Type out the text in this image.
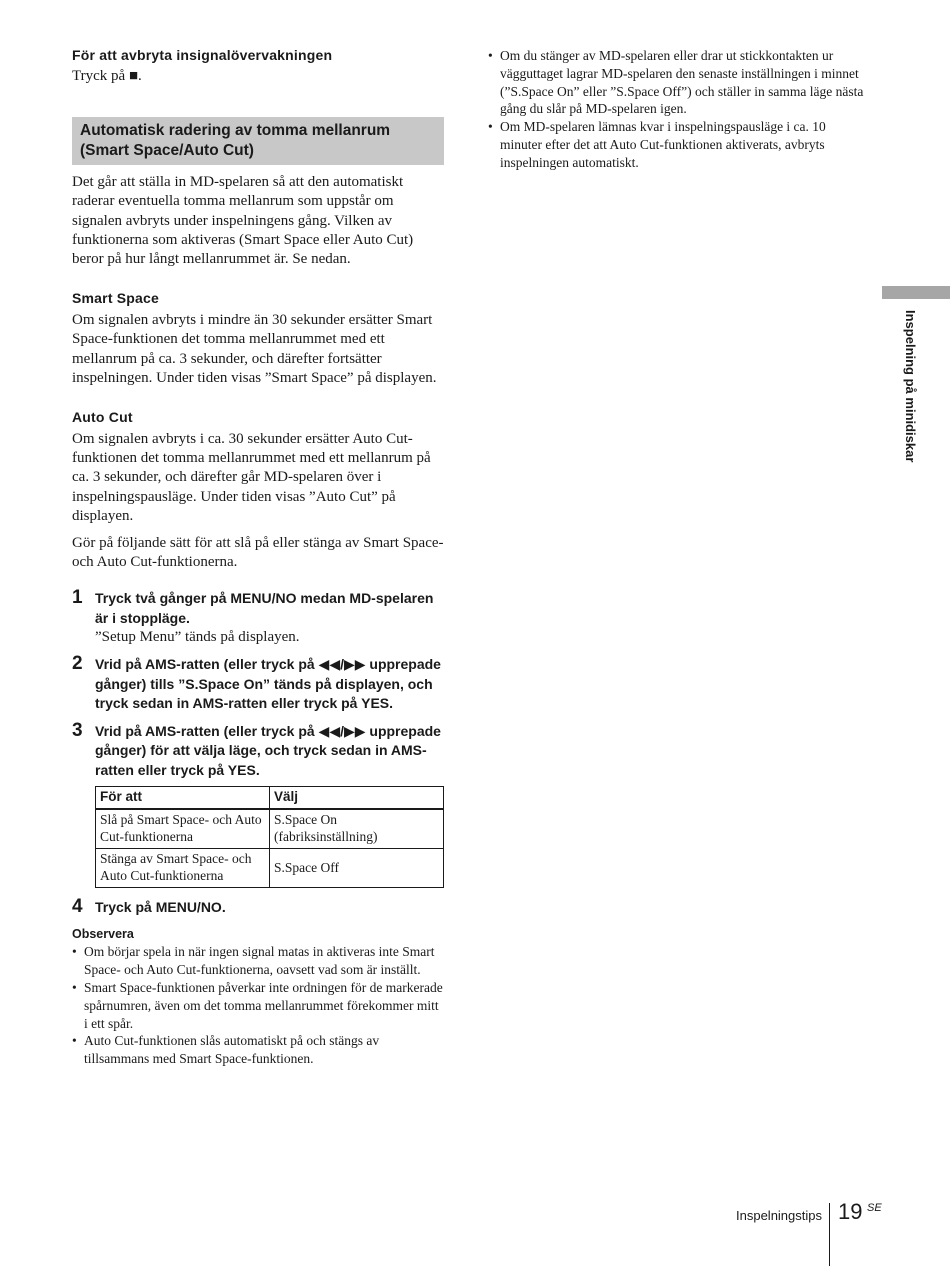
För att avbryta insignalövervakningen

Tryck på ■.

Automatisk radering av tomma mellanrum (Smart Space/Auto Cut)

Det går att ställa in MD-spelaren så att den automatiskt raderar eventuella tomma mellanrum som uppstår om signalen avbryts under inspelningens gång. Vilken av funktionerna som aktiveras (Smart Space eller Auto Cut) beror på hur långt mellanrummet är. Se nedan.

Smart Space

Om signalen avbryts i mindre än 30 sekunder ersätter Smart Space-funktionen det tomma mellanrummet med ett mellanrum på ca. 3 sekunder, och därefter fortsätter inspelningen. Under tiden visas ”Smart Space” på displayen.

Auto Cut

Om signalen avbryts i ca. 30 sekunder ersätter Auto Cut-funktionen det tomma mellanrummet med ett mellanrum på ca. 3 sekunder, och därefter går MD-spelaren över i inspelningspausläge. Under tiden visas ”Auto Cut” på displayen.

Gör på följande sätt för att slå på eller stänga av Smart Space- och Auto Cut-funktionerna.

1 Tryck två gånger på MENU/NO medan MD-spelaren är i stoppläge.
”Setup Menu” tänds på displayen.
2 Vrid på AMS-ratten (eller tryck på ◀◀/▶▶ upprepade gånger) tills ”S.Space On” tänds på displayen, och tryck sedan in AMS-ratten eller tryck på YES.
3 Vrid på AMS-ratten (eller tryck på ◀◀/▶▶ upprepade gånger) för att välja läge, och tryck sedan in AMS-ratten eller tryck på YES.
För att	Välj
Slå på Smart Space- och Auto Cut-funktionerna	S.Space On (fabriksinställning)
Stänga av Smart Space- och Auto Cut-funktionerna	S.Space Off
4 Tryck på MENU/NO.

Observera

• Om börjar spela in när ingen signal matas in aktiveras inte Smart Space- och Auto Cut-funktionerna, oavsett vad som är inställt.
• Smart Space-funktionen påverkar inte ordningen för de markerade spårnumren, även om det tomma mellanrummet förekommer mitt i ett spår.
• Auto Cut-funktionen slås automatiskt på och stängs av tillsammans med Smart Space-funktionen.
• Om du stänger av MD-spelaren eller drar ut stickkontakten ur vägguttaget lagrar MD-spelaren den senaste inställningen i minnet (”S.Space On” eller ”S.Space Off”) och ställer in samma läge nästa gång du slår på MD-spelaren igen.
• Om MD-spelaren lämnas kvar i inspelningspausläge i ca. 10 minuter efter det att Auto Cut-funktionen aktiverats, avbryts inspelningen automatiskt.
Inspelning på minidiskar
Inspelningstips 19 SE
